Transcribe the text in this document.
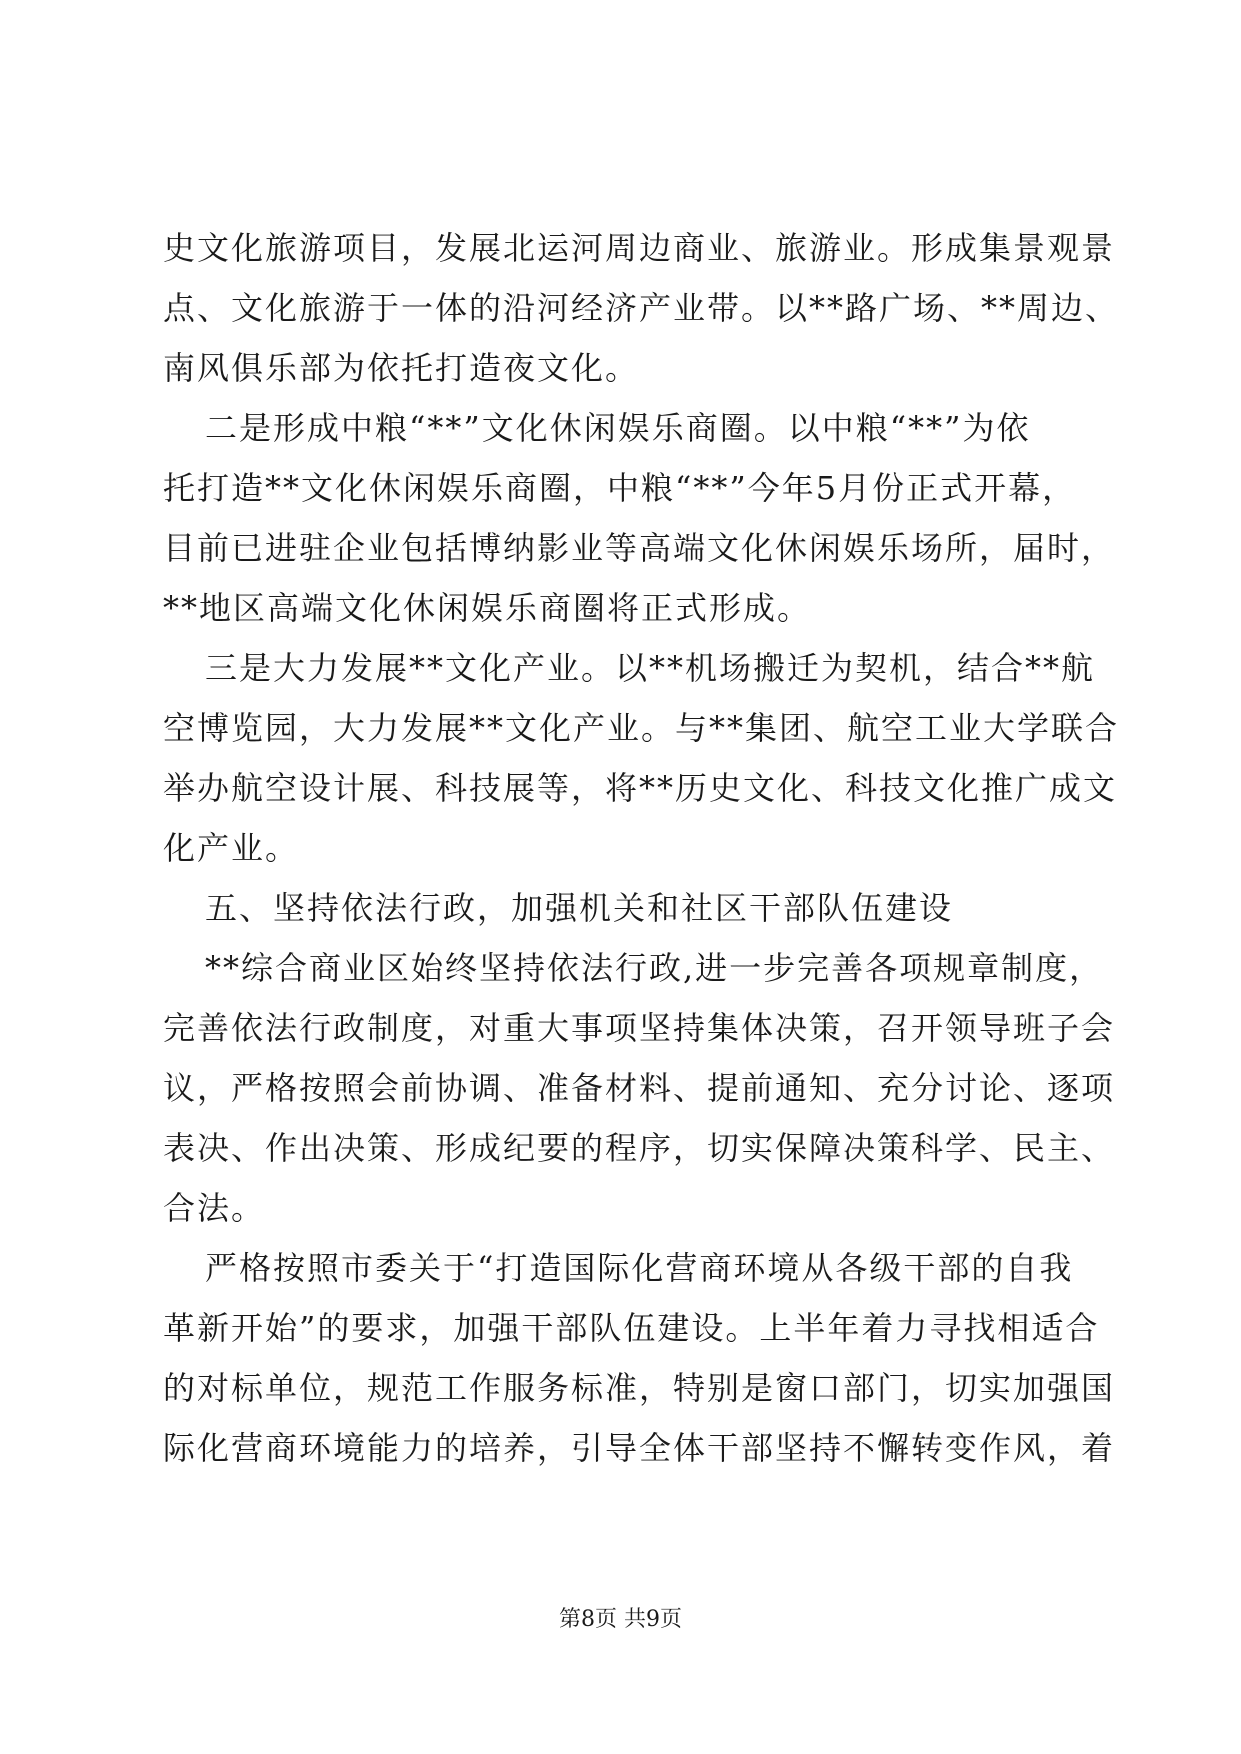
史文化旅游项目，发展北运河周边商业、旅游业。形成集景观景
点、文化旅游于一体的沿河经济产业带。以**路广场、**周边、
南风俱乐部为依托打造夜文化。
二是形成中粮“**”文化休闲娱乐商圈。以中粮“**”为依
托打造**文化休闲娱乐商圈，中粮“**”今年5月份正式开幕，
目前已进驻企业包括博纳影业等高端文化休闲娱乐场所，届时，
**地区高端文化休闲娱乐商圈将正式形成。
三是大力发展**文化产业。以**机场搬迁为契机，结合**航
空博览园，大力发展**文化产业。与**集团、航空工业大学联合
举办航空设计展、科技展等，将**历史文化、科技文化推广成文
化产业。
五、坚持依法行政，加强机关和社区干部队伍建设
**综合商业区始终坚持依法行政,进一步完善各项规章制度，
完善依法行政制度，对重大事项坚持集体决策，召开领导班子会
议，严格按照会前协调、准备材料、提前通知、充分讨论、逐项
表决、作出决策、形成纪要的程序，切实保障决策科学、民主、
合法。
严格按照市委关于“打造国际化营商环境从各级干部的自我
革新开始”的要求，加强干部队伍建设。上半年着力寻找相适合
的对标单位，规范工作服务标准，特别是窗口部门，切实加强国
际化营商环境能力的培养，引导全体干部坚持不懈转变作风，着
第8页 共9页
